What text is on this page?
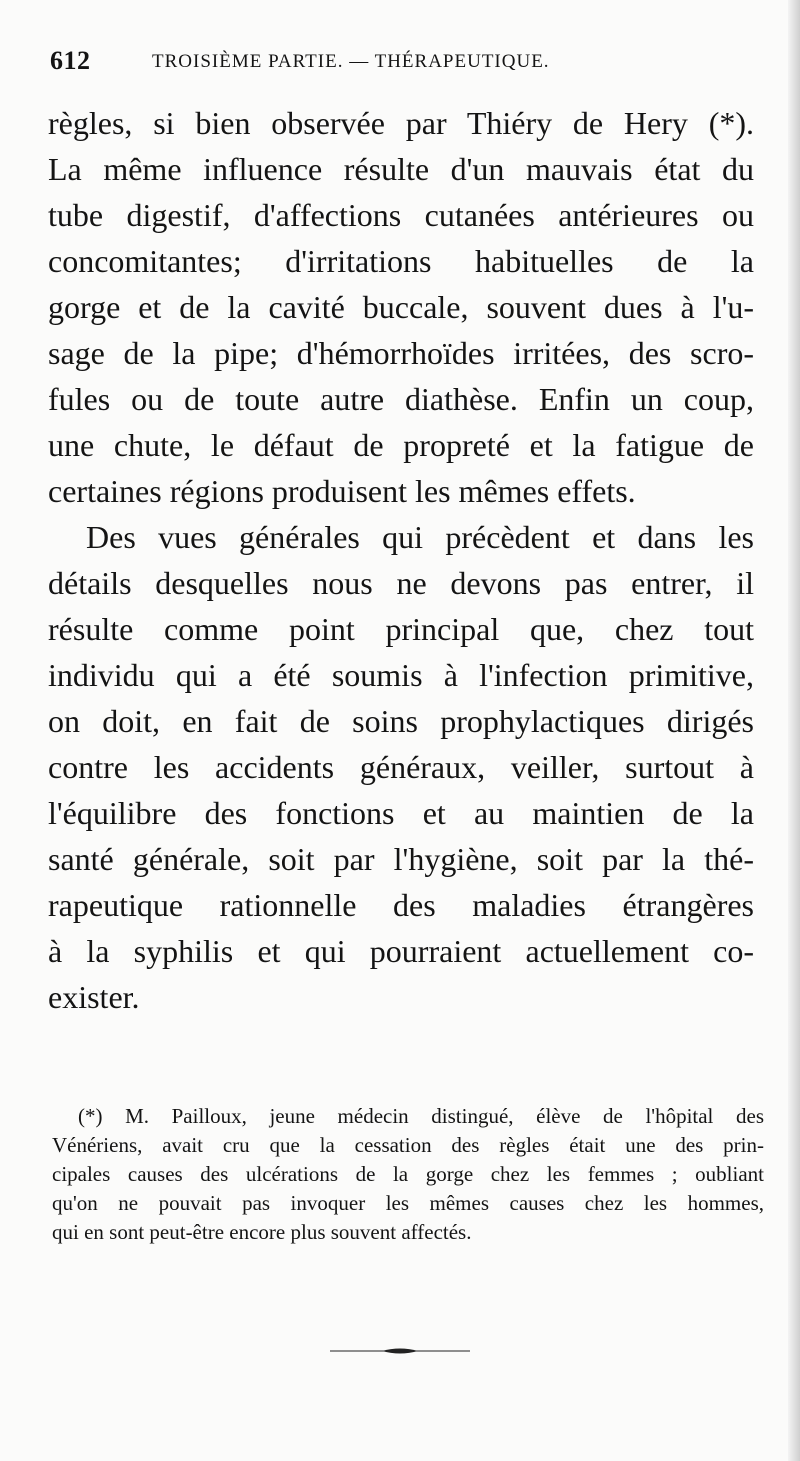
612	TROISIÈME PARTIE. — THÉRAPEUTIQUE.
règles, si bien observée par Thiéry de Hery (*).
La même influence résulte d'un mauvais état du
tube digestif, d'affections cutanées antérieures ou
concomitantes; d'irritations habituelles de la
gorge et de la cavité buccale, souvent dues à l'u-
sage de la pipe; d'hémorrhoïdes irritées, des scro-
fules ou de toute autre diathèse. Enfin un coup,
une chute, le défaut de propreté et la fatigue de
certaines régions produisent les mêmes effets.
Des vues générales qui précèdent et dans les
détails desquelles nous ne devons pas entrer, il
résulte comme point principal que, chez tout
individu qui a été soumis à l'infection primitive,
on doit, en fait de soins prophylactiques dirigés
contre les accidents généraux, veiller, surtout à
l'équilibre des fonctions et au maintien de la
santé générale, soit par l'hygiène, soit par la thé-
rapeutique rationnelle des maladies étrangères
à la syphilis et qui pourraient actuellement co-
exister.
(*) M. Pailloux, jeune médecin distingué, élève de l'hôpital des
Vénériens, avait cru que la cessation des règles était une des prin-
cipales causes des ulcérations de la gorge chez les femmes ; oubliant
qu'on ne pouvait pas invoquer les mêmes causes chez les hommes,
qui en sont peut-être encore plus souvent affectés.
